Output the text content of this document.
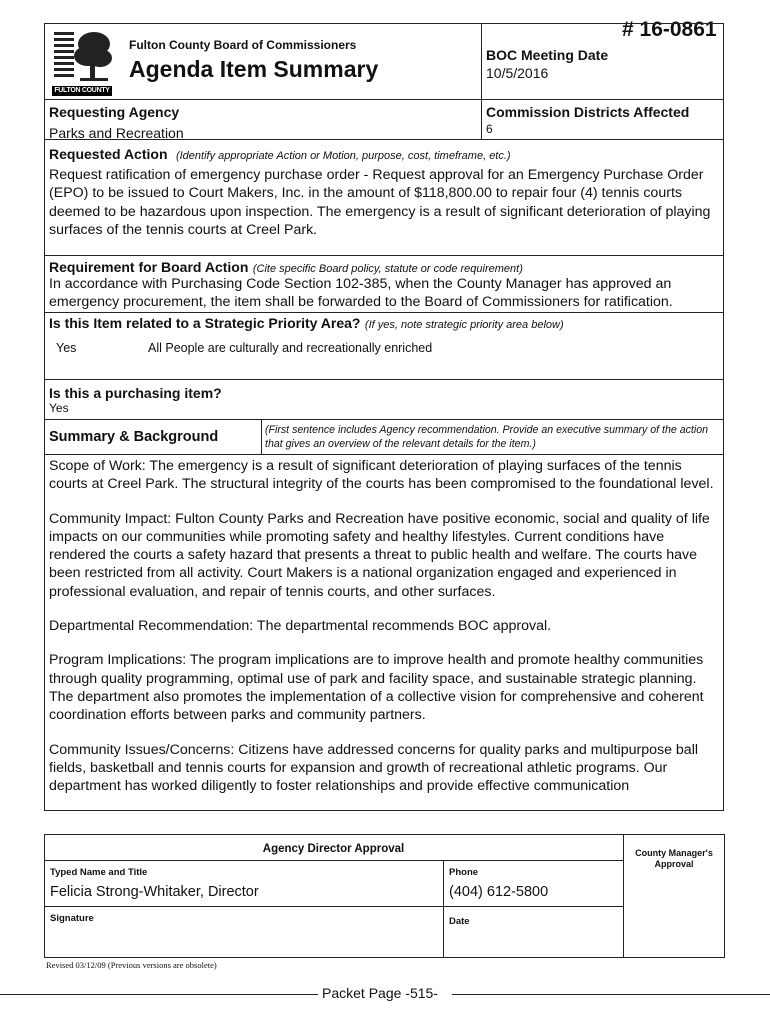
# 16-0861
FULTON COUNTY
Fulton County Board of Commissioners
Agenda Item Summary
BOC Meeting Date
10/5/2016
Requesting Agency
Parks and Recreation
Commission Districts Affected
6
Requested Action (Identify appropriate Action or Motion, purpose, cost, timeframe, etc.)
Request ratification of emergency purchase order - Request approval for an Emergency Purchase Order (EPO) to be issued to Court Makers, Inc. in the amount of $118,800.00 to repair four (4) tennis courts deemed to be hazardous upon inspection. The emergency is a result of significant deterioration of playing surfaces of the tennis courts at Creel Park.
Requirement for Board Action (Cite specific Board policy, statute or code requirement)
In accordance with Purchasing Code Section 102-385, when the County Manager has approved an emergency procurement, the item shall be forwarded to the Board of Commissioners for ratification.
Is this Item related to a Strategic Priority Area? (If yes, note strategic priority area below)
Yes	All People are culturally and recreationally enriched
Is this a purchasing item?
Yes
Summary & Background	(First sentence includes Agency recommendation. Provide an executive summary of the action that gives an overview of the relevant details for the item.)

Scope of Work: The emergency is a result of significant deterioration of playing surfaces of the tennis courts at Creel Park. The structural integrity of the courts has been compromised to the foundational level.

Community Impact: Fulton County Parks and Recreation have positive economic, social and quality of life impacts on our communities while promoting safety and healthy lifestyles. Current conditions have rendered the courts a safety hazard that presents a threat to public health and welfare. The courts have been restricted from all activity. Court Makers is a national organization engaged and experienced in professional evaluation, and repair of tennis courts, and other surfaces.

Departmental Recommendation: The departmental recommends BOC approval.

Program Implications: The program implications are to improve health and promote healthy communities through quality programming, optimal use of park and facility space, and sustainable strategic planning. The department also promotes the implementation of a collective vision for comprehensive and coherent coordination efforts between parks and community partners.

Community Issues/Concerns: Citizens have addressed concerns for quality parks and multipurpose ball fields, basketball and tennis courts for expansion and growth of recreational athletic programs. Our department has worked diligently to foster relationships and provide effective communication

Agency Director Approval	County Manager's Approval
Typed Name and Title
Felicia Strong-Whitaker, Director
Phone
(404) 612-5800
Signature	Date
Revised 03/12/09 (Previous versions are obsolete)
Packet Page -515-
